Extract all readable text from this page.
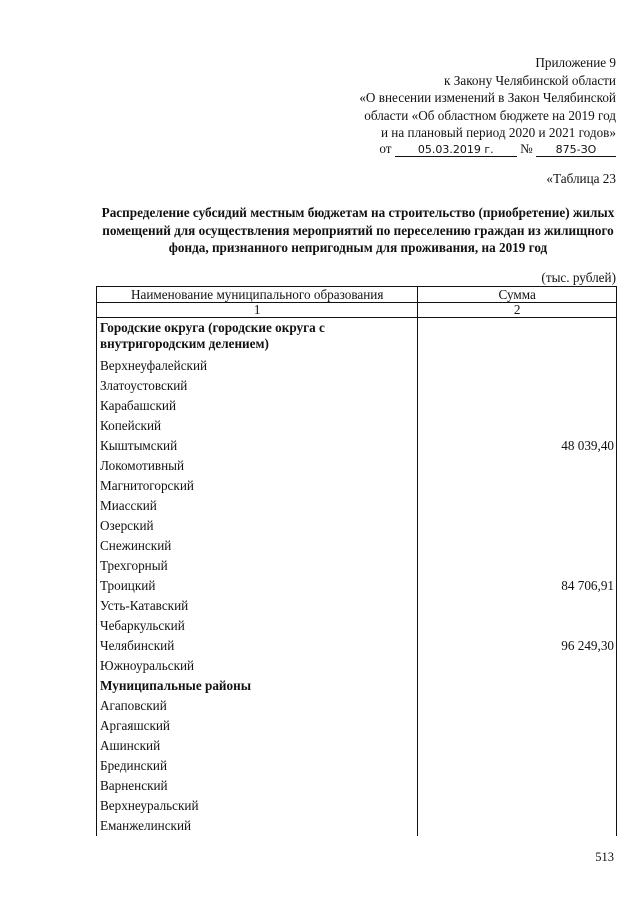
Приложение 9
к Закону Челябинской области
«О внесении изменений в Закон Челябинской
области «Об областном бюджете на 2019 год
и на плановый период 2020 и 2021 годов»
от 05.03.2019 г. № 875-ЗО
«Таблица 23
Распределение субсидий местным бюджетам на строительство (приобретение) жилых помещений для осуществления мероприятий по переселению граждан из жилищного фонда, признанного непригодным для проживания, на 2019 год
(тыс. рублей)
Наименование муниципального образования	Сумма
1	2
Городские округа (городские округа с внутригородским делением)	
Верхнеуфалейский	
Златоустовский	
Карабашский	
Копейский	
Кыштымский	48 039,40
Локомотивный	
Магнитогорский	
Миасский	
Озерский	
Снежинский	
Трехгорный	
Троицкий	84 706,91
Усть-Катавский	
Чебаркульский	
Челябинский	96 249,30
Южноуральский	
Муниципальные районы	
Агаповский	
Аргаяшский	
Ашинский	
Брединский	
Варненский	
Верхнеуральский	
Еманжелинский	
513
